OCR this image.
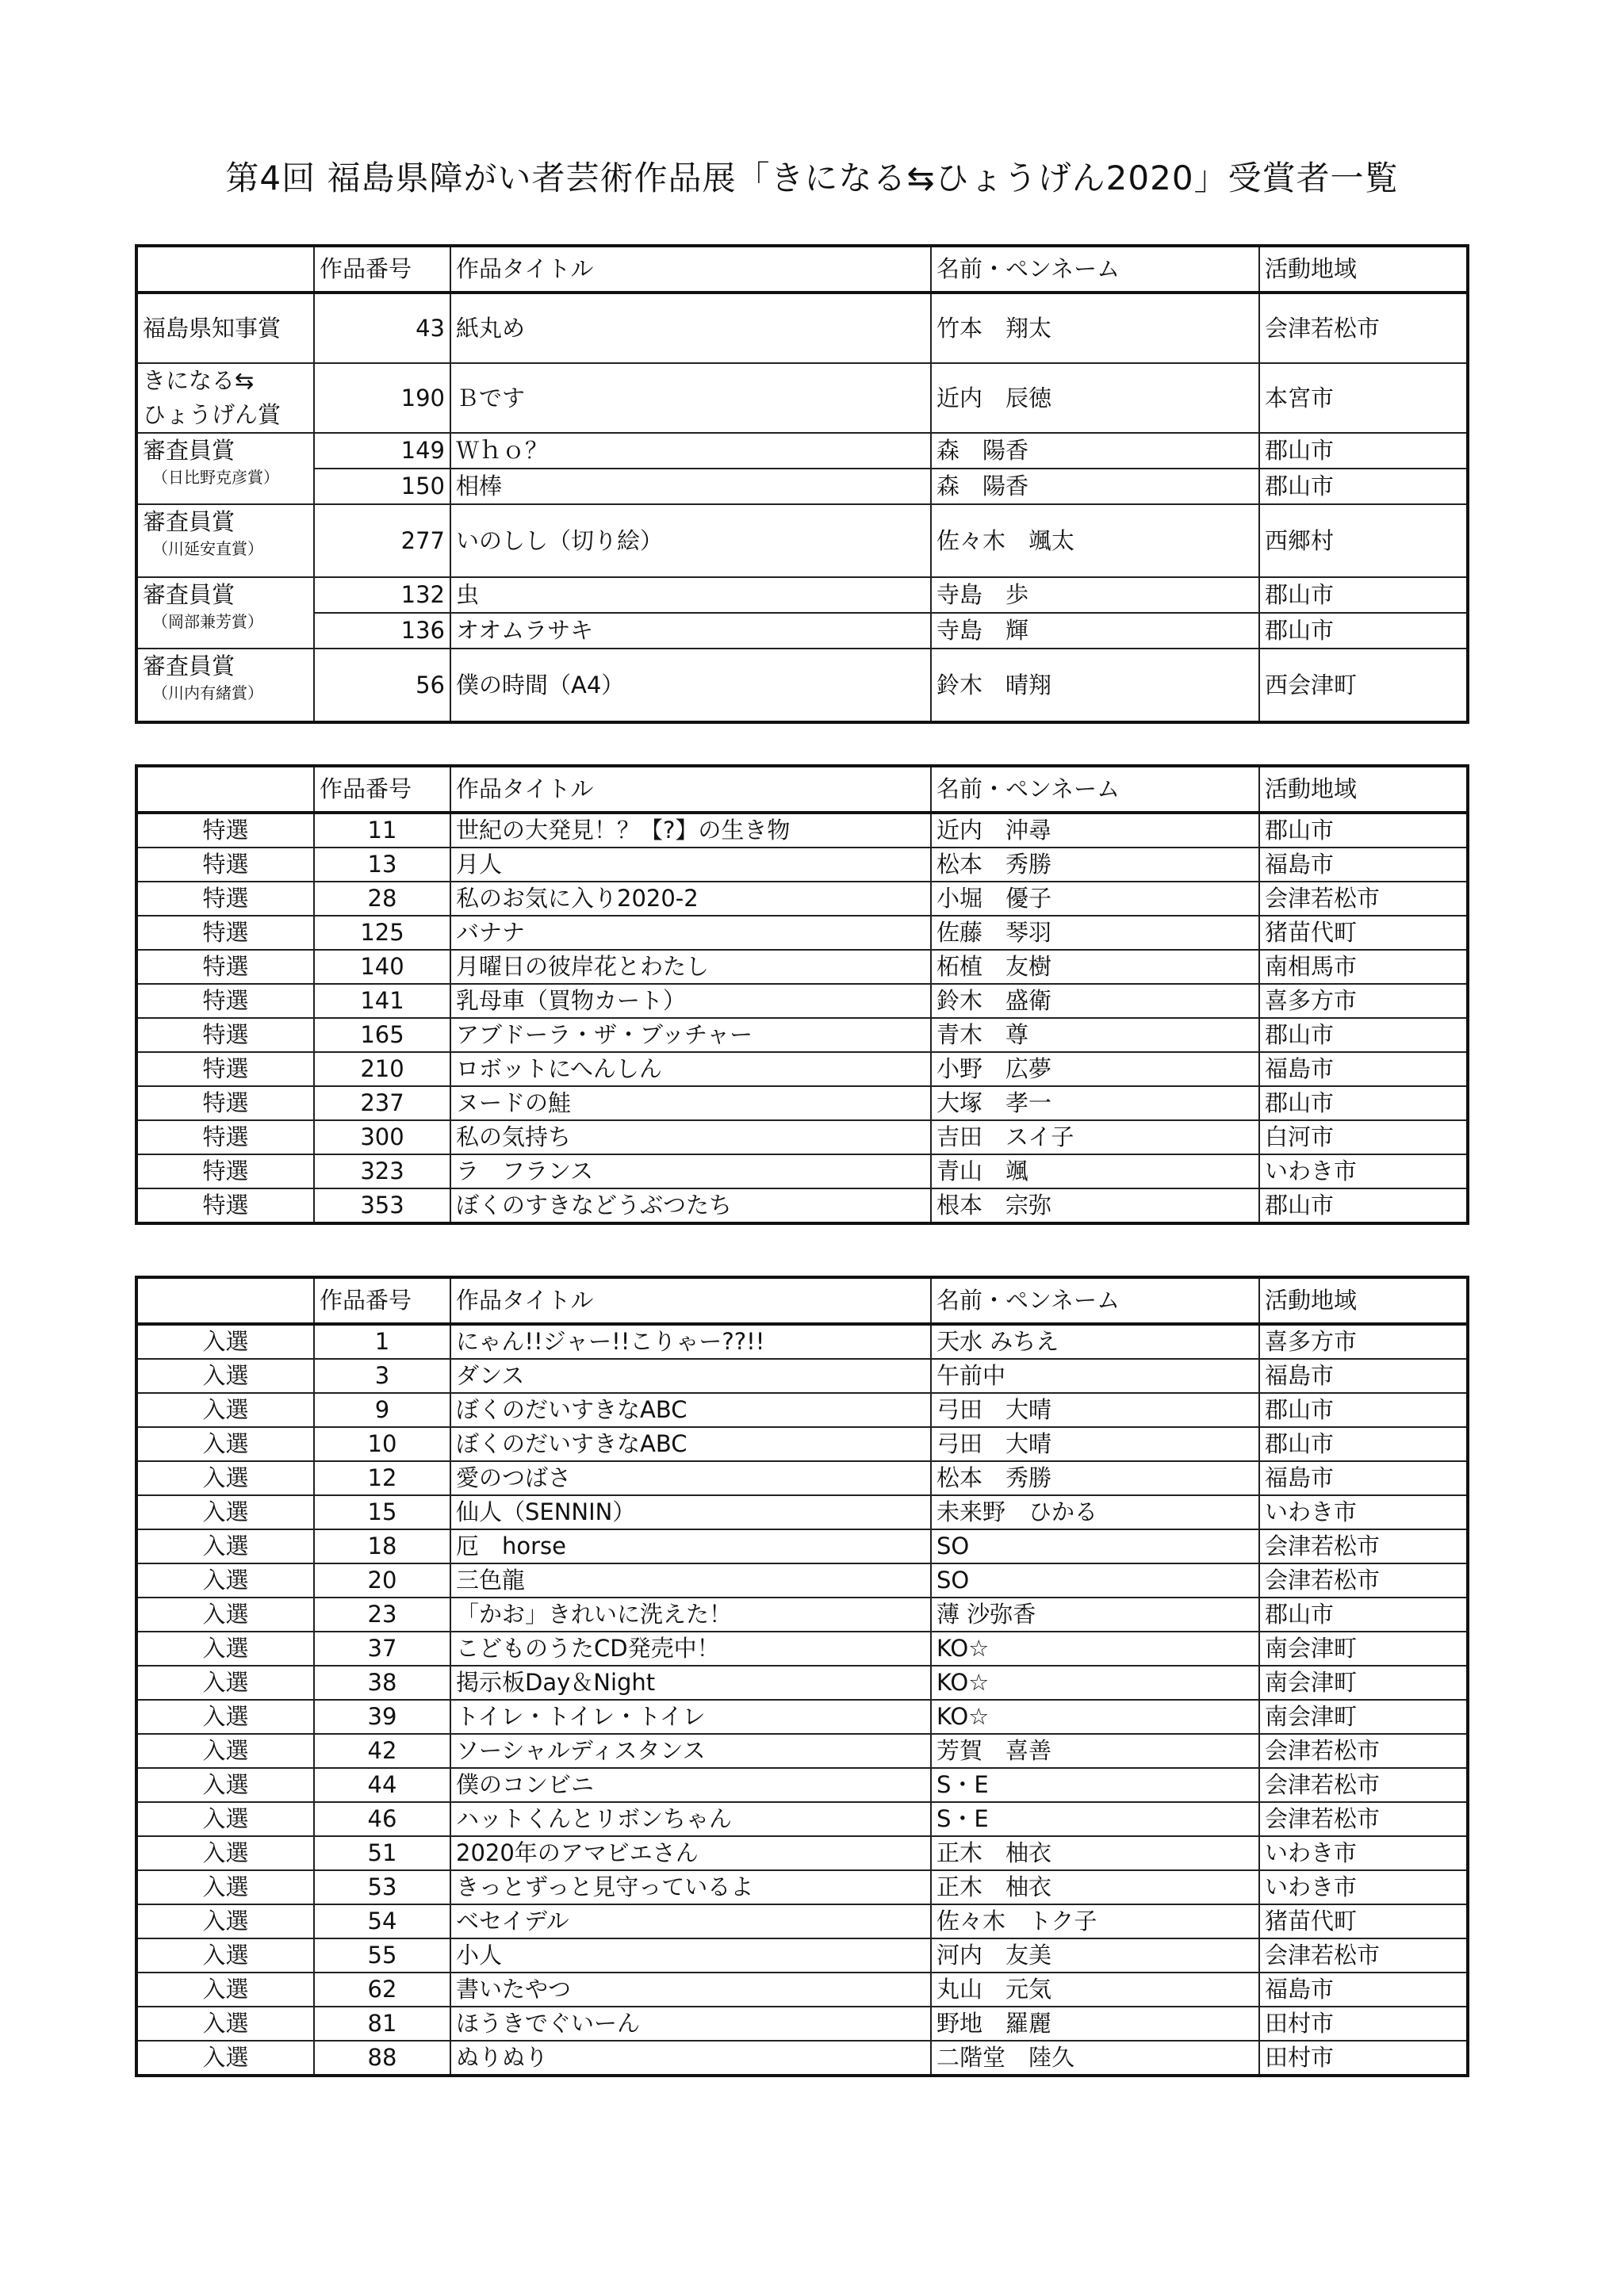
第4回 福島県障がい者芸術作品展「きになる⇆ひょうげん2020」受賞者一覧
	作品番号	作品タイトル	名前・ペンネーム	活動地域
福島県知事賞	43	紙丸め	竹本　翔太	会津若松市

きになる⇆
ひょうげん賞	190	Ｂです	近内　辰徳	本宮市
審査員賞
（日比野克彦賞）	149	Ｗｈｏ？	森　陽香	郡山市
	150	相棒	森　陽香	郡山市
審査員賞
（川延安直賞）	277	いのしし（切り絵）	佐々木　颯太	西郷村
審査員賞
（岡部兼芳賞）	132	虫	寺島　歩	郡山市
	136	オオムラサキ	寺島　輝	郡山市
審査員賞
（川内有緒賞）	56	僕の時間（A4）	鈴木　晴翔	西会津町
	作品番号	作品タイトル	名前・ペンネーム	活動地域
特選	11	世紀の大発見！？【?】の生き物	近内　沖尋	郡山市
特選	13	月人	松本　秀勝	福島市
特選	28	私のお気に入り2020-2	小堀　優子	会津若松市
特選	125	バナナ	佐藤　琴羽	猪苗代町
特選	140	月曜日の彼岸花とわたし	柘植　友樹	南相馬市
特選	141	乳母車（買物カート）	鈴木　盛衛	喜多方市
特選	165	アブドーラ・ザ・ブッチャー	青木　尊	郡山市
特選	210	ロボットにへんしん	小野　広夢	福島市
特選	237	ヌードの鮭	大塚　孝一	郡山市
特選	300	私の気持ち	吉田　スイ子	白河市
特選	323	ラ　フランス	青山　颯	いわき市
特選	353	ぼくのすきなどうぶつたち	根本　宗弥	郡山市
	作品番号	作品タイトル	名前・ペンネーム	活動地域
入選	1	にゃん!!ジャー!!こりゃー??!!	天水 みちえ	喜多方市
入選	3	ダンス	午前中	福島市
入選	9	ぼくのだいすきなABC	弓田　大晴	郡山市
入選	10	ぼくのだいすきなABC	弓田　大晴	郡山市
入選	12	愛のつばさ	松本　秀勝	福島市
入選	15	仙人（SENNIN）	未来野　ひかる	いわき市
入選	18	厄　horse	SO	会津若松市
入選	20	三色龍	SO	会津若松市
入選	23	「かお」きれいに洗えた！	薄 沙弥香	郡山市
入選	37	こどものうたCD発売中！	KO☆	南会津町
入選	38	掲示板Day＆Night	KO☆	南会津町
入選	39	トイレ・トイレ・トイレ	KO☆	南会津町
入選	42	ソーシャルディスタンス	芳賀　喜善	会津若松市
入選	44	僕のコンビニ	S・E	会津若松市
入選	46	ハットくんとリボンちゃん	S・E	会津若松市
入選	51	2020年のアマビエさん	正木　柚衣	いわき市
入選	53	きっとずっと見守っているよ	正木　柚衣	いわき市
入選	54	ベセイデル	佐々木　トク子	猪苗代町
入選	55	小人	河内　友美	会津若松市
入選	62	書いたやつ	丸山　元気	福島市
入選	81	ほうきでぐいーん	野地　羅麗	田村市
入選	88	ぬりぬり	二階堂　陸久	田村市
